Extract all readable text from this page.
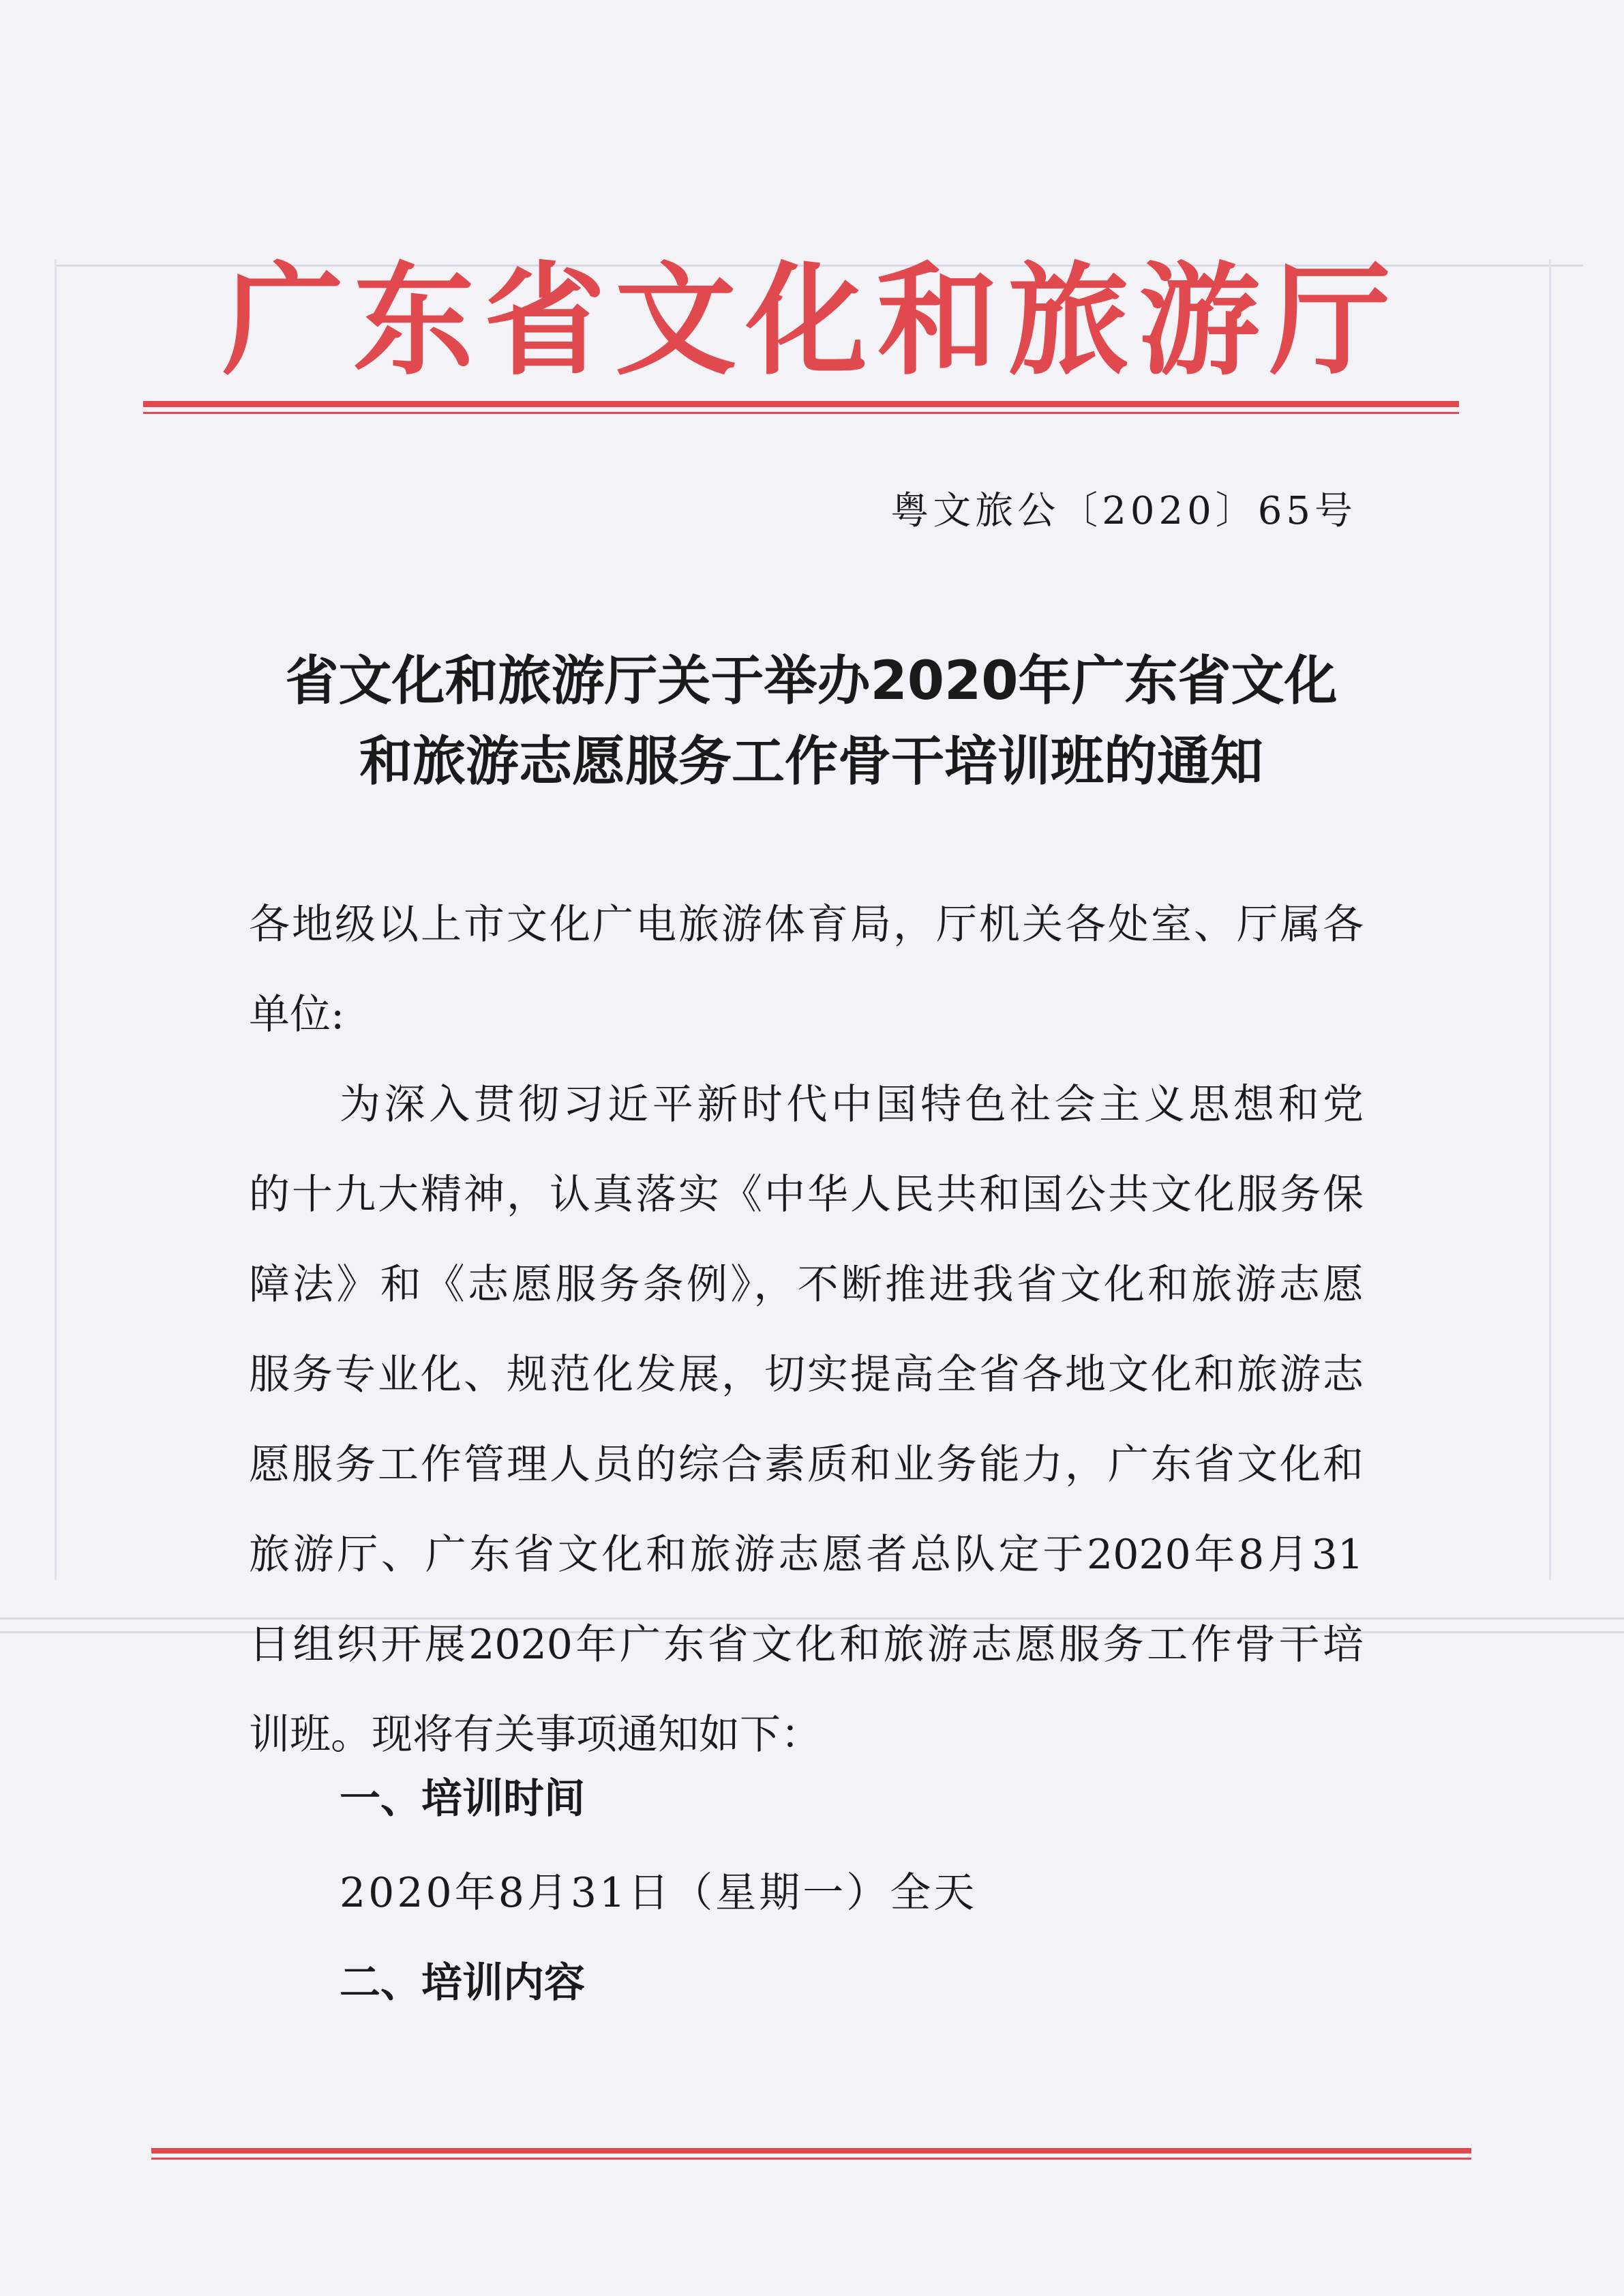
广东省文化和旅游厅
粤文旅公〔2020〕65号
省文化和旅游厅关于举办2020年广东省文化
和旅游志愿服务工作骨干培训班的通知
各地级以上市文化广电旅游体育局，厅机关各处室、厅属各
单位:
为深入贯彻习近平新时代中国特色社会主义思想和党
的十九大精神，认真落实《中华人民共和国公共文化服务保
障法》和《志愿服务条例》，不断推进我省文化和旅游志愿
服务专业化、规范化发展，切实提高全省各地文化和旅游志
愿服务工作管理人员的综合素质和业务能力，广东省文化和
旅游厅、广东省文化和旅游志愿者总队定于2020年8月31
日组织开展2020年广东省文化和旅游志愿服务工作骨干培
训班。现将有关事项通知如下：
一、培训时间
2020年8月31日（星期一）全天
二、培训内容
